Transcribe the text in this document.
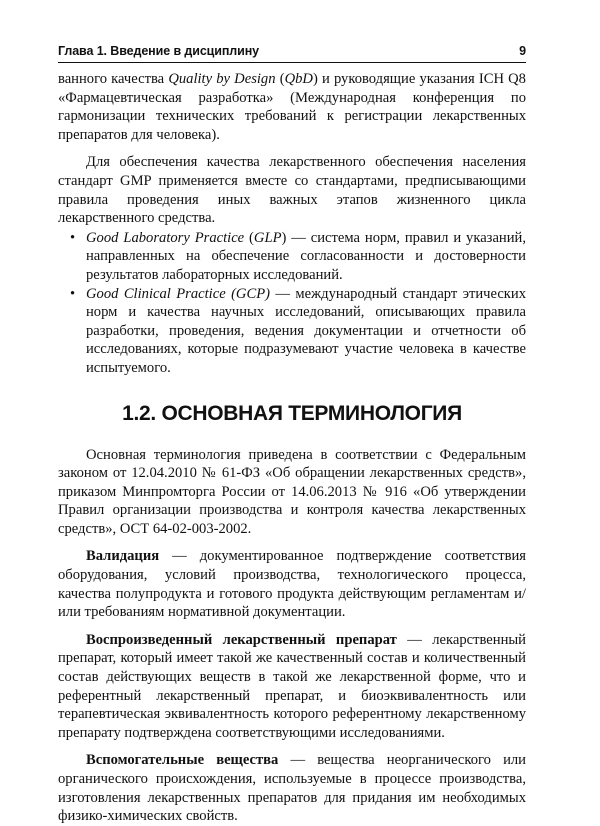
Глава 1. Введение в дисциплину	9

ванного качества Quality by Design (QbD) и руководящие указания ICH Q8 «Фармацевтическая разработка» (Международная конференция по гармонизации технических требований к регистрации лекарственных препаратов для человека).

Для обеспечения качества лекарственного обеспечения населения стандарт GMP применяется вместе со стандартами, предписывающими правила проведения иных важных этапов жизненного цикла лекарственного средства.

• Good Laboratory Practice (GLP) — система норм, правил и указаний, направленных на обеспечение согласованности и достоверности результатов лабораторных исследований.
• Good Clinical Practice (GCP) — международный стандарт этических норм и качества научных исследований, описывающих правила разработки, проведения, ведения документации и отчетности об исследованиях, которые подразумевают участие человека в качестве испытуемого.
1.2. ОСНОВНАЯ ТЕРМИНОЛОГИЯ

Основная терминология приведена в соответствии с Федеральным законом от 12.04.2010 № 61-ФЗ «Об обращении лекарственных средств», приказом Минпромторга России от 14.06.2013 № 916 «Об утверждении Правил организации производства и контроля качества лекарственных средств», ОСТ 64-02-003-2002.

Валидация — документированное подтверждение соответствия оборудования, условий производства, технологического процесса, качества полупродукта и готового продукта действующим регламентам и/или требованиям нормативной документации.

Воспроизведенный лекарственный препарат — лекарственный препарат, который имеет такой же качественный состав и количественный состав действующих веществ в такой же лекарственной форме, что и референтный лекарственный препарат, и биоэквивалентность или терапевтическая эквивалентность которого референтному лекарственному препарату подтверждена соответствующими исследованиями.

Вспомогательные вещества — вещества неорганического или органического происхождения, используемые в процессе производства, изготовления лекарственных препаратов для придания им необходимых физико-химических свойств.
